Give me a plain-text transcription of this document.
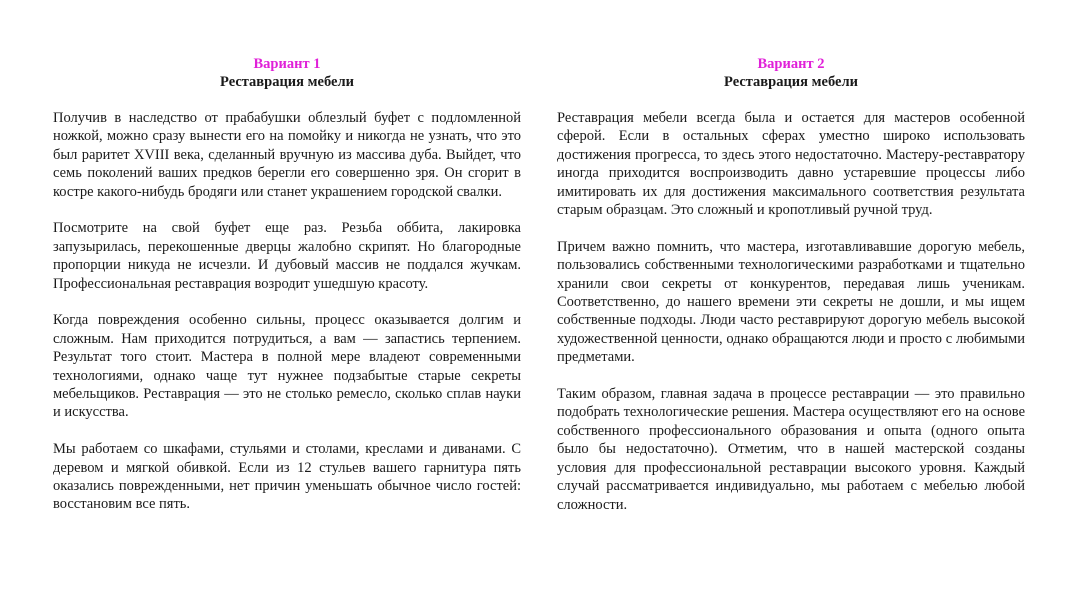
Вариант 1

Реставрация мебели

Получив в наследство от прабабушки облезлый буфет с подломленной ножкой, можно сразу вынести его на помойку и никогда не узнать, что это был раритет XVIII века, сделанный вручную из массива дуба. Выйдет, что семь поколений ваших предков берегли его совершенно зря. Он сгорит в костре какого-нибудь бродяги или станет украшением городской свалки.

Посмотрите на свой буфет еще раз. Резьба оббита, лакировка запузырилась, перекошенные дверцы жалобно скрипят. Но благородные пропорции никуда не исчезли. И дубовый массив не поддался жучкам. Профессиональная реставрация возродит ушедшую красоту.

Когда повреждения особенно сильны, процесс оказывается долгим и сложным. Нам приходится потрудиться, а вам — запастись терпением. Результат того стоит. Мастера в полной мере владеют современными технологиями, однако чаще тут нужнее подзабытые старые секреты мебельщиков. Реставрация — это не столько ремесло, сколько сплав науки и искусства.

Мы работаем со шкафами, стульями и столами, креслами и диванами. С деревом и мягкой обивкой. Если из 12 стульев вашего гарнитура пять оказались поврежденными, нет причин уменьшать обычное число гостей: восстановим все пять.

Вариант 2

Реставрация мебели

Реставрация мебели всегда была и остается для мастеров особенной сферой. Если в остальных сферах уместно широко использовать достижения прогресса, то здесь этого недостаточно. Мастеру-реставратору иногда приходится воспроизводить давно устаревшие процессы либо имитировать их для достижения максимального соответствия результата старым образцам. Это сложный и кропотливый ручной труд.

Причем важно помнить, что мастера, изготавливавшие дорогую мебель, пользовались собственными технологическими разработками и тщательно хранили свои секреты от конкурентов, передавая лишь ученикам. Соответственно, до нашего времени эти секреты не дошли, и мы ищем собственные подходы. Люди часто реставрируют дорогую мебель высокой художественной ценности, однако обращаются люди и просто с любимыми предметами.

Таким образом, главная задача в процессе реставрации — это правильно подобрать технологические решения. Мастера осуществляют его на основе собственного профессионального образования и опыта (одного опыта было бы недостаточно). Отметим, что в нашей мастерской созданы условия для профессиональной реставрации высокого уровня. Каждый случай рассматривается индивидуально, мы работаем с мебелью любой сложности.
